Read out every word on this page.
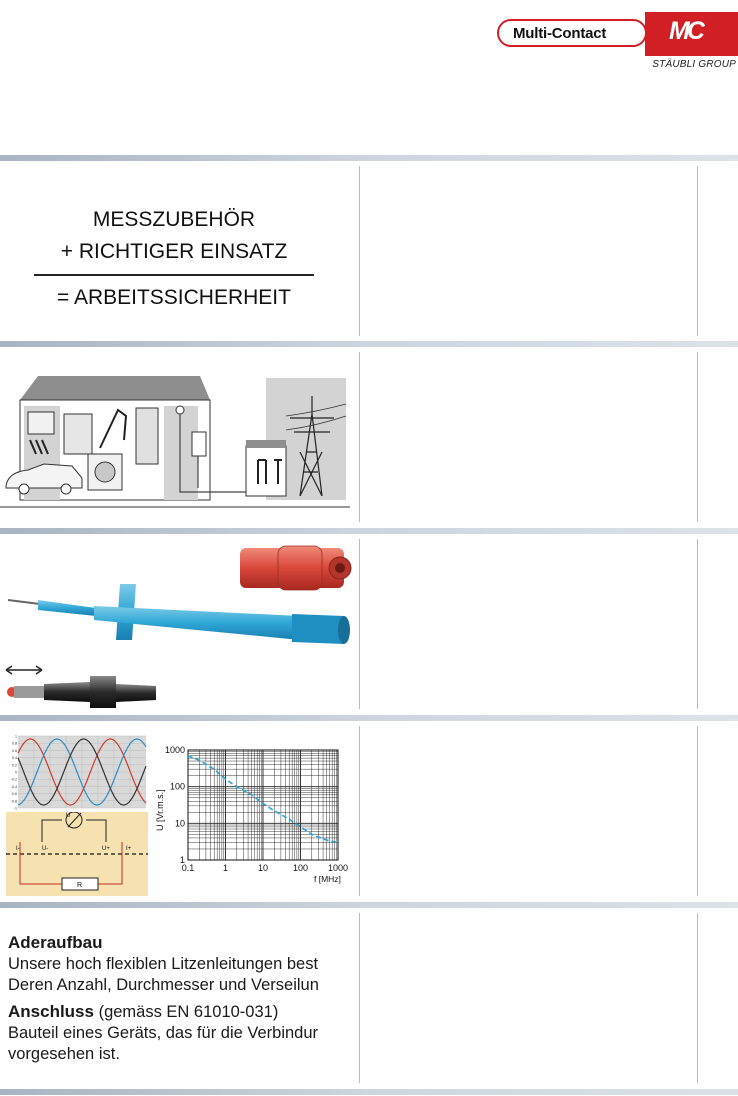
Multi-Contact	MC
STÄUBLI GROUP
MESSZUBEHÖR
+ RICHTIGER EINSATZ
= ARBEITSSICHERHEIT
1
0.8
0.6
0.4
0.2
0
-0.2
-0.4
-0.6
-0.8
-1
U
R
I-	U-	U+	I+
0.1	1	10	100 1000
1000
100
10
1
U [Vr.m.s.]
f [MHz]

Aderaufbau

Unsere hoch flexiblen Litzenleitungen best

Deren Anzahl, Durchmesser und Verseilun

Anschluss (gemäss EN 61010-031)

Bauteil eines Geräts, das für die Verbindur

vorgesehen ist.
